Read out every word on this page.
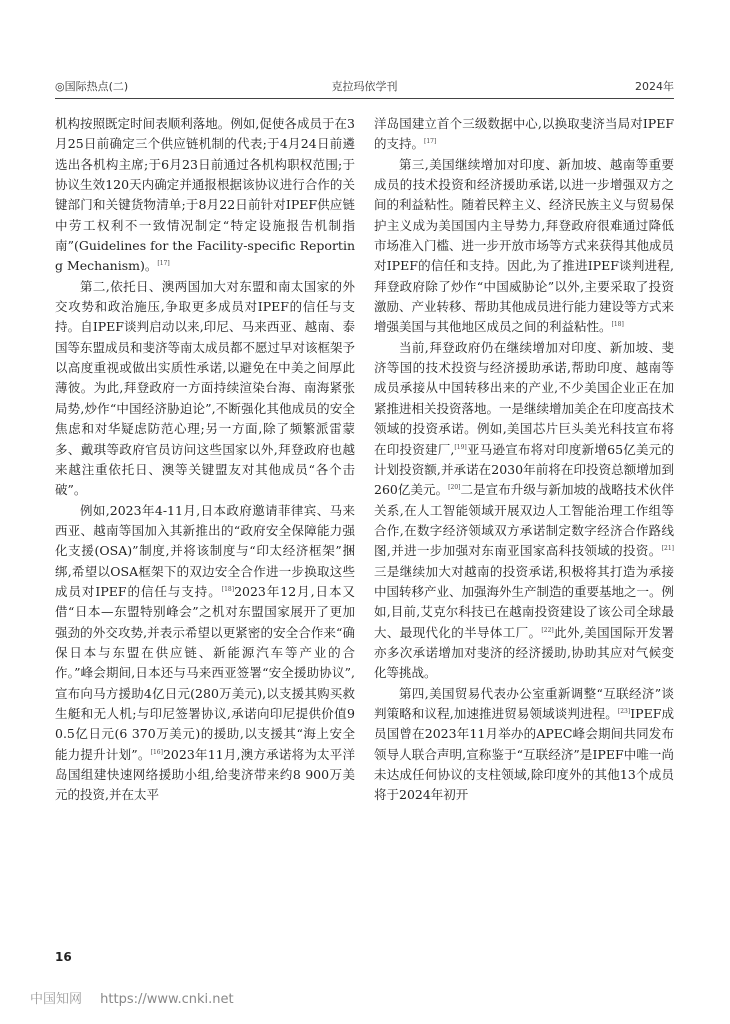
◎国际热点(二)	克拉玛依学刊	2024年

机构按照既定时间表顺利落地。例如,促使各成员于在3月25日前确定三个供应链机制的代表;于4月24日前遴选出各机构主席;于6月23日前通过各机构职权范围;于协议生效120天内确定并通报根据该协议进行合作的关键部门和关键货物清单;于8月22日前针对IPEF供应链中劳工权利不一致情况制定“特定设施报告机制指南”(Guidelines for the Facility-specific Reporting Mechanism)。[17]

第二,依托日、澳两国加大对东盟和南太国家的外交攻势和政治施压,争取更多成员对IPEF的信任与支持。自IPEF谈判启动以来,印尼、马来西亚、越南、泰国等东盟成员和斐济等南太成员都不愿过早对该框架予以高度重视或做出实质性承诺,以避免在中美之间厚此薄彼。为此,拜登政府一方面持续渲染台海、南海紧张局势,炒作“中国经济胁迫论”,不断强化其他成员的安全焦虑和对华疑虑防范心理;另一方面,除了频繁派雷蒙多、戴琪等政府官员访问这些国家以外,拜登政府也越来越注重依托日、澳等关键盟友对其他成员“各个击破”。

例如,2023年4-11月,日本政府邀请菲律宾、马来西亚、越南等国加入其新推出的“政府安全保障能力强化支援(OSA)”制度,并将该制度与“印太经济框架”捆绑,希望以OSA框架下的双边安全合作进一步换取这些成员对IPEF的信任与支持。[18]2023年12月,日本又借“日本—东盟特别峰会”之机对东盟国家展开了更加强劲的外交攻势,并表示希望以更紧密的安全合作来“确保日本与东盟在供应链、新能源汽车等产业的合作。”峰会期间,日本还与马来西亚签署“安全援助协议”,宣布向马方援助4亿日元(280万美元),以支援其购买救生艇和无人机;与印尼签署协议,承诺向印尼提供价值90.5亿日元(6 370万美元)的援助,以支援其“海上安全能力提升计划”。[16]2023年11月,澳方承诺将为太平洋岛国组建快速网络援助小组,给斐济带来约8 900万美元的投资,并在太平

洋岛国建立首个三级数据中心,以换取斐济当局对IPEF的支持。[17]

第三,美国继续增加对印度、新加坡、越南等重要成员的技术投资和经济援助承诺,以进一步增强双方之间的利益粘性。随着民粹主义、经济民族主义与贸易保护主义成为美国国内主导势力,拜登政府很难通过降低市场准入门槛、进一步开放市场等方式来获得其他成员对IPEF的信任和支持。因此,为了推进IPEF谈判进程,拜登政府除了炒作“中国威胁论”以外,主要采取了投资激励、产业转移、帮助其他成员进行能力建设等方式来增强美国与其他地区成员之间的利益粘性。[18]

当前,拜登政府仍在继续增加对印度、新加坡、斐济等国的技术投资与经济援助承诺,帮助印度、越南等成员承接从中国转移出来的产业,不少美国企业正在加紧推进相关投资落地。一是继续增加美企在印度高技术领域的投资承诺。例如,美国芯片巨头美光科技宣布将在印投资建厂,[19]亚马逊宣布将对印度新增65亿美元的计划投资额,并承诺在2030年前将在印投资总额增加到260亿美元。[20]二是宣布升级与新加坡的战略技术伙伴关系,在人工智能领域开展双边人工智能治理工作组等合作,在数字经济领域双方承诺制定数字经济合作路线图,并进一步加强对东南亚国家高科技领域的投资。[21]三是继续加大对越南的投资承诺,积极将其打造为承接中国转移产业、加强海外生产制造的重要基地之一。例如,目前,艾克尔科技已在越南投资建设了该公司全球最大、最现代化的半导体工厂。[22]此外,美国国际开发署亦多次承诺增加对斐济的经济援助,协助其应对气候变化等挑战。

第四,美国贸易代表办公室重新调整“互联经济”谈判策略和议程,加速推进贸易领域谈判进程。[23]IPEF成员国曾在2023年11月举办的APEC峰会期间共同发布领导人联合声明,宣称鉴于“互联经济”是IPEF中唯一尚未达成任何协议的支柱领域,除印度外的其他13个成员将于2024年初开

16
中国知网 https://www.cnki.net
